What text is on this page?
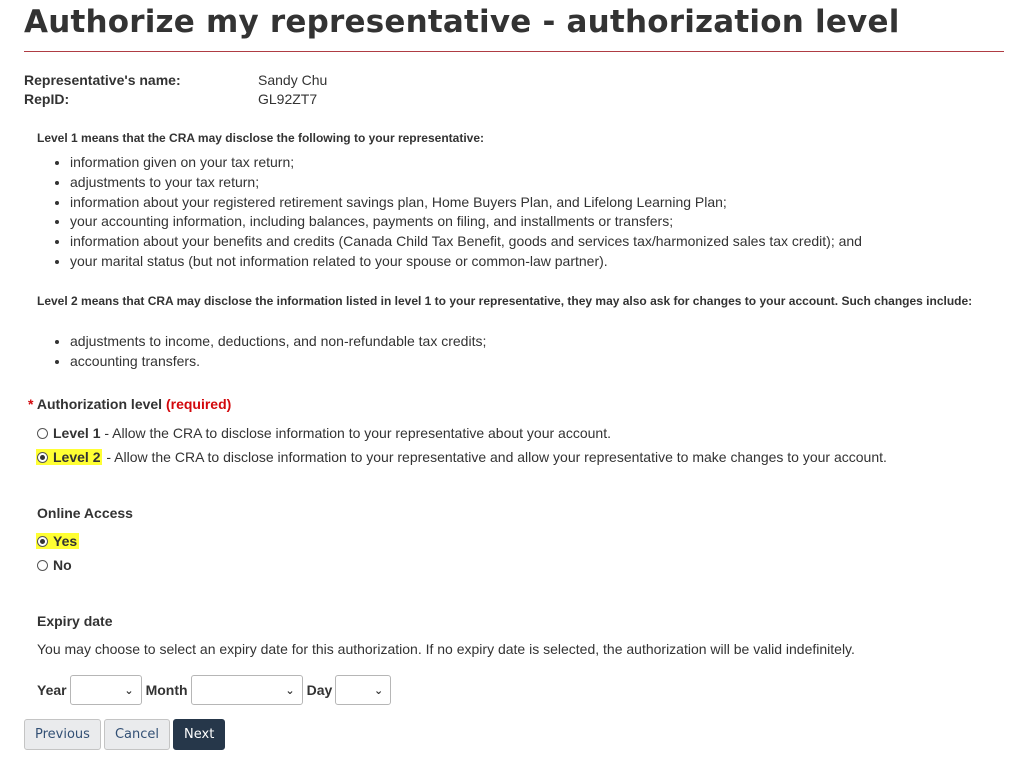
Authorize my representative - authorization level
Representative's name:	Sandy Chu
RepID:	GL92ZT7
Level 1 means that the CRA may disclose the following to your representative:
• information given on your tax return;
• adjustments to your tax return;
• information about your registered retirement savings plan, Home Buyers Plan, and Lifelong Learning Plan;
• your accounting information, including balances, payments on filing, and installments or transfers;
• information about your benefits and credits (Canada Child Tax Benefit, goods and services tax/harmonized sales tax credit); and
• your marital status (but not information related to your spouse or common-law partner).
Level 2 means that CRA may disclose the information listed in level 1 to your representative, they may also ask for changes to your account. Such changes include:
• adjustments to income, deductions, and non-refundable tax credits;
• accounting transfers.
* Authorization level (required)
Level 1 - Allow the CRA to disclose information to your representative about your account.
Level 2 - Allow the CRA to disclose information to your representative and allow your representative to make changes to your account.
Online Access
Yes
No
Expiry date
You may choose to select an expiry date for this authorization. If no expiry date is selected, the authorization will be valid indefinitely.
Year	⌄ Month	⌄ Day	⌄
Previous	Cancel	Next
